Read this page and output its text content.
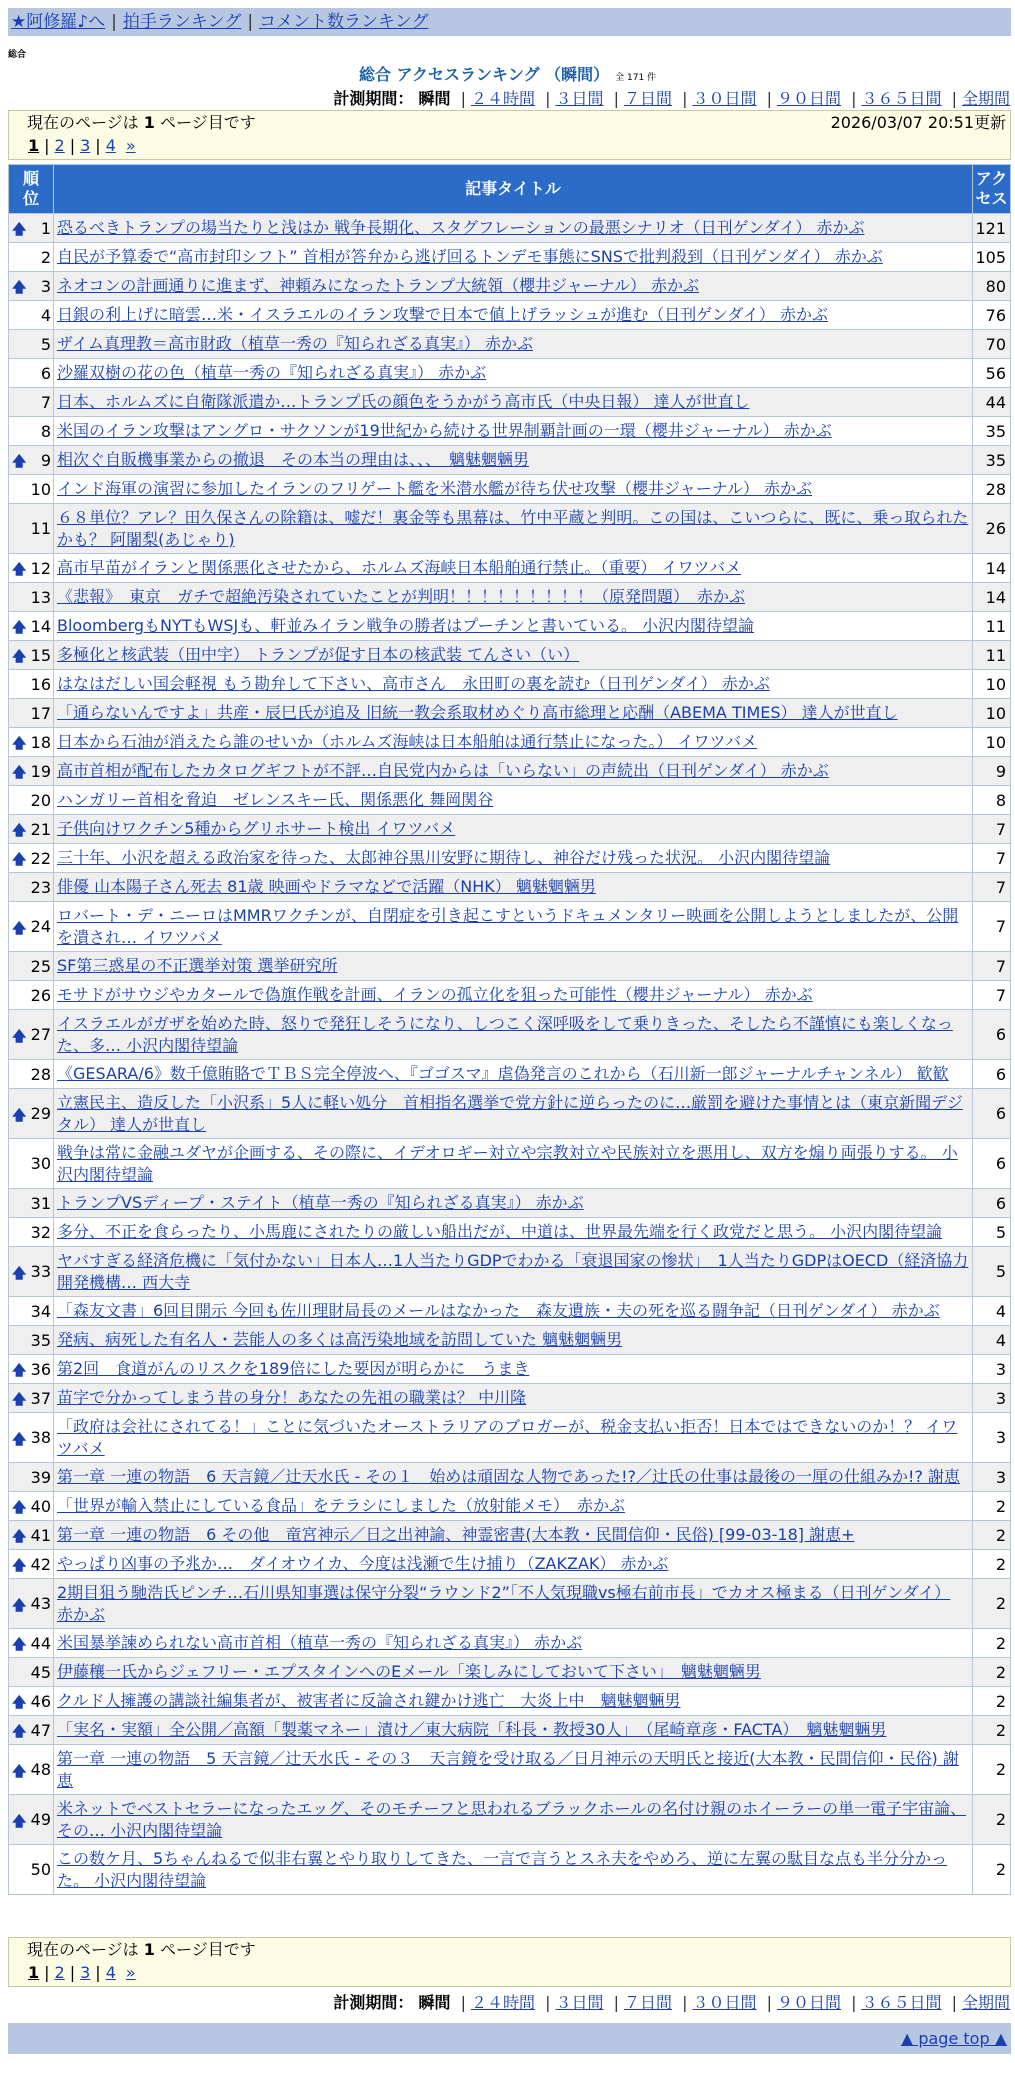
★阿修羅♪へ | 拍手ランキング | コメント数ランキング
総合
総合 アクセスランキング （瞬間） 全 171 件
計測期間： 瞬間 | ２４時間 | ３日間 | ７日間 | ３０日間 | ９０日間 | ３６５日間 | 全期間
現在のページは 1 ページ目です	2026/03/07 20:51更新
1 | 2 | 3 | 4 »
順位	記事タイトル	アクセス

🡅 1	恐るべきトランプの場当たりと浅はか 戦争長期化、スタグフレーションの最悪シナリオ（日刊ゲンダイ） 赤かぶ	121
2	自民が予算委で“高市封印シフト” 首相が答弁から逃げ回るトンデモ事態にSNSで批判殺到（日刊ゲンダイ） 赤かぶ	105

🡅 3	ネオコンの計画通りに進まず、神頼みになったトランプ大統領（櫻井ジャーナル） 赤かぶ	80
4	日銀の利上げに暗雲…米・イスラエルのイラン攻撃で日本で値上げラッシュが進む（日刊ゲンダイ） 赤かぶ	76
5	ザイム真理教＝高市財政（植草一秀の『知られざる真実』） 赤かぶ	70
6	沙羅双樹の花の色（植草一秀の『知られざる真実』） 赤かぶ	56
7	日本、ホルムズに自衛隊派遣か…トランプ氏の顔色をうかがう高市氏（中央日報） 達人が世直し	44
8	米国のイラン攻撃はアングロ・サクソンが19世紀から続ける世界制覇計画の一環（櫻井ジャーナル） 赤かぶ	35

🡅 9	相次ぐ自販機事業からの撤退　その本当の理由は、、、　魑魅魍魎男	35
10	インド海軍の演習に参加したイランのフリゲート艦を米潜水艦が待ち伏せ攻撃（櫻井ジャーナル） 赤かぶ	28
11	６８単位？アレ？田久保さんの除籍は、嘘だ！裏金等も黒幕は、竹中平蔵と判明。この国は、こいつらに、既に、乗っ取られたかも？ 阿闍梨(あじゃり)	26

🡅 12	高市早苗がイランと関係悪化させたから、ホルムズ海峡日本船舶通行禁止。（重要） イワツバメ	14
13	《悲報》　東京　ガチで超絶汚染されていたことが判明！！！！！！！！！（原発問題）　赤かぶ	14

🡅 14	BloombergもNYTもWSJも、軒並みイラン戦争の勝者はプーチンと書いている。 小沢内閣待望論	11

🡅 15	多極化と核武装（田中宇） トランプが促す日本の核武装 てんさい（い）	11
16	はなはだしい国会軽視 もう勘弁して下さい、高市さん　永田町の裏を読む（日刊ゲンダイ） 赤かぶ	10
17	「通らないんですよ」共産・辰巳氏が追及 旧統一教会系取材めぐり高市総理と応酬（ABEMA TIMES） 達人が世直し	10

🡅 18	日本から石油が消えたら誰のせいか（ホルムズ海峡は日本船舶は通行禁止になった。） イワツバメ	10

🡅 19	高市首相が配布したカタログギフトが不評…自民党内からは「いらない」の声続出（日刊ゲンダイ） 赤かぶ	9
20	ハンガリー首相を脅迫　ゼレンスキー氏、関係悪化 舞岡関谷	8

🡅 21	子供向けワクチン5種からグリホサート検出 イワツバメ	7

🡅 22	三十年、小沢を超える政治家を待った、太郎神谷黒川安野に期待し、神谷だけ残った状況。 小沢内閣待望論	7
23	俳優 山本陽子さん死去 81歳 映画やドラマなどで活躍（NHK） 魑魅魍魎男	7

🡅 24	ロバート・デ・ニーロはMMRワクチンが、自閉症を引き起こすというドキュメンタリー映画を公開しようとしましたが、公開を潰され… イワツバメ	7
25	SF第三惑星の不正選挙対策 選挙研究所	7
26	モサドがサウジやカタールで偽旗作戦を計画、イランの孤立化を狙った可能性（櫻井ジャーナル） 赤かぶ	7

🡅 27	イスラエルがガザを始めた時、怒りで発狂しそうになり、しつこく深呼吸をして乗りきった、そしたら不謹慎にも楽しくなった、多… 小沢内閣待望論	6
28	《GESARA/6》数千億賄賂でＴＢＳ完全停波へ、『ゴゴスマ』虐偽発言のこれから（石川新一郎ジャーナルチャンネル） 歓歓	6

🡅 29	立憲民主、造反した「小沢系」5人に軽い処分　首相指名選挙で党方針に逆らったのに…厳罰を避けた事情とは（東京新聞デジタル） 達人が世直し	6
30	戦争は常に金融ユダヤが企画する、その際に、イデオロギー対立や宗教対立や民族対立を悪用し、双方を煽り両張りする。 小沢内閣待望論	6
31	トランプVSディープ・ステイト（植草一秀の『知られざる真実』） 赤かぶ	6
32	多分、不正を食らったり、小馬鹿にされたりの厳しい船出だが、中道は、世界最先端を行く政党だと思う。 小沢内閣待望論	5

🡅 33	ヤバすぎる経済危機に「気付かない」日本人…1人当たりGDPでわかる「衰退国家の惨状」　1人当たりGDPはOECD（経済協力開発機構… 西大寺	5
34	「森友文書」6回目開示 今回も佐川理財局長のメールはなかった　森友遺族・夫の死を巡る闘争記（日刊ゲンダイ） 赤かぶ	4
35	発病、病死した有名人・芸能人の多くは高汚染地域を訪問していた 魑魅魍魎男	4

🡅 36	第2回　食道がんのリスクを189倍にした要因が明らかに　うまき	3

🡅 37	苗字で分かってしまう昔の身分！あなたの先祖の職業は？ 中川隆	3

🡅 38	「政府は会社にされてる！」ことに気づいたオーストラリアのブロガーが、税金支払い拒否！日本ではできないのか！？ イワツバメ	3
39	第一章 一連の物語　6 天言鏡／辻天水氏 - その１　始めは頑固な人物であった!?／辻氏の仕事は最後の一厘の仕組みか!? 謝恵	3

🡅 40	「世界が輸入禁止にしている食品」をテラシにしました（放射能メモ）　赤かぶ	2

🡅 41	第一章 一連の物語　6 その他　竜宮神示／日之出神諭、神霊密書(大本教・民間信仰・民俗) [99-03-18] 謝恵+	2

🡅 42	やっぱり凶事の予兆か…　ダイオウイカ、今度は浅瀬で生け捕り（ZAKZAK） 赤かぶ	2

🡅 43	2期目狙う馳浩氏ピンチ…石川県知事選は保守分裂“ラウンド2”「不人気現職vs極右前市長」でカオス極まる（日刊ゲンダイ） 赤かぶ	2

🡅 44	米国暴挙諫められない高市首相（植草一秀の『知られざる真実』） 赤かぶ	2
45	伊藤穰一氏からジェフリー・エプスタインへのEメール「楽しみにしておいて下さい」　魑魅魍魎男	2

🡅 46	クルド人擁護の講談社編集者が、被害者に反論され鍵かけ逃亡　大炎上中　魑魅魍魎男	2

🡅 47	「実名・実額」全公開／高額「製薬マネー」漬け／東大病院「科長・教授30人」　（尾崎章彦・FACTA）　魑魅魍魎男	2

🡅 48	第一章 一連の物語　5 天言鏡／辻天水氏 - その３　天言鏡を受け取る／日月神示の天明氏と接近(大本教・民間信仰・民俗) 謝恵	2

🡅 49	米ネットでベストセラーになったエッグ、そのモチーフと思われるブラックホールの名付け親のホイーラーの単一電子宇宙論、その… 小沢内閣待望論	2
50	この数ケ月、5ちゃんねるで似非右翼とやり取りしてきた、一言で言うとスネ夫をやめろ、逆に左翼の駄目な点も半分分かった。 小沢内閣待望論	2
現在のページは 1 ページ目です
1 | 2 | 3 | 4 »
計測期間： 瞬間 | ２４時間 | ３日間 | ７日間 | ３０日間 | ９０日間 | ３６５日間 | 全期間
▲ page top ▲
